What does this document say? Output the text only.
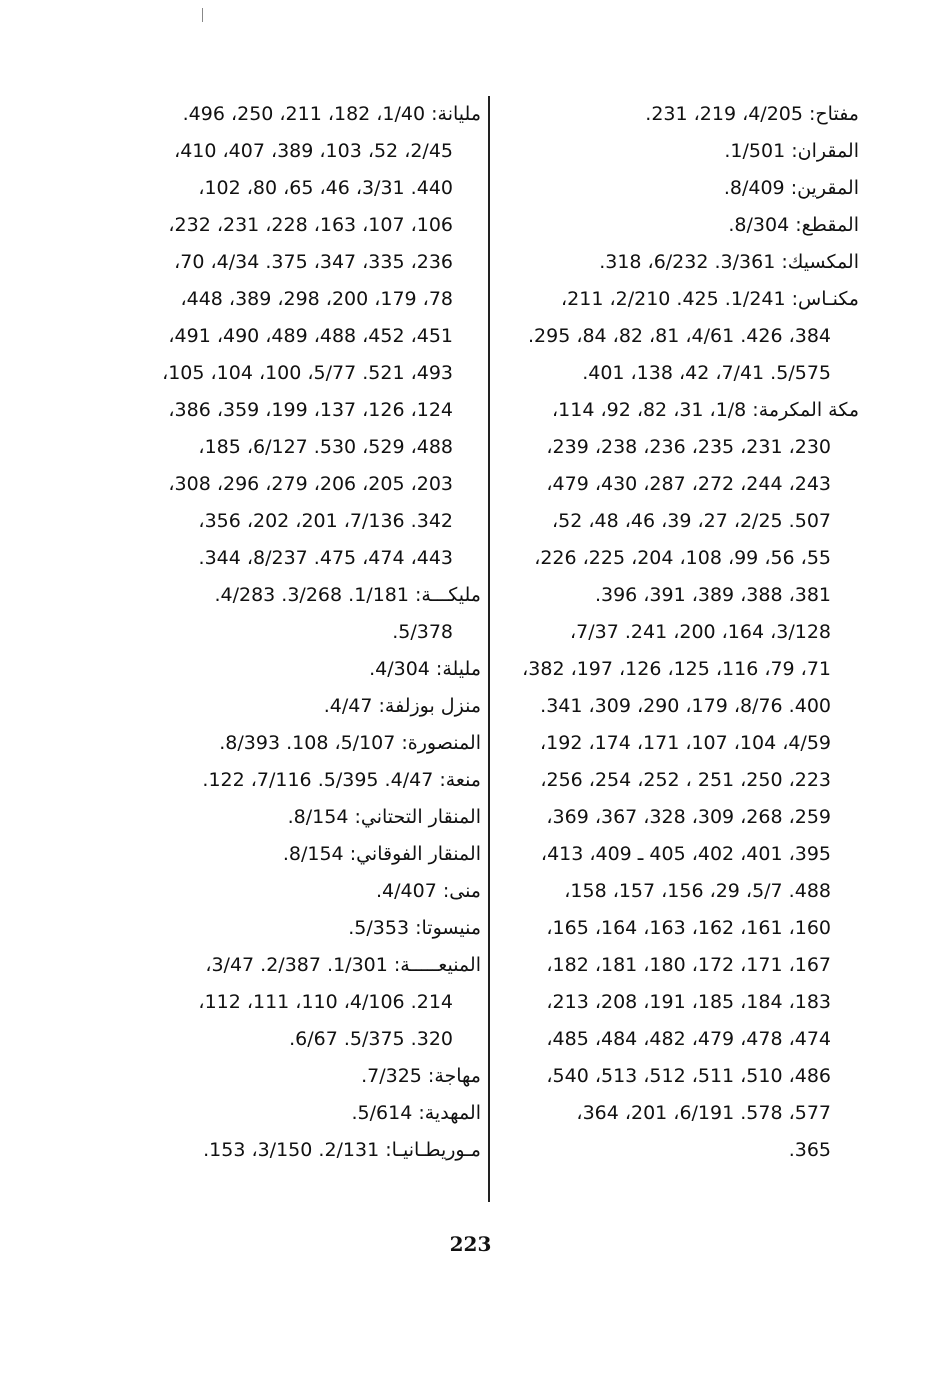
مفتاح: 4/205، 219، 231.
المقران: 1/501.
المقرين: 8/409.
المقطع: 8/304.
المكسيك: 3/361. 6/232، 318.
مكنـاس: 1/241. 425. 2/210، 211،
384، 426. 4/61، 81، 82، 84، 295.
5/575. 7/41، 42، 138، 401.
مكة المكرمة: 1/8، 31، 82، 92، 114،
230، 231، 235، 236، 238، 239،
243، 244، 272، 287، 430، 479،
507. 2/25، 27، 39، 46، 48، 52،
55، 56، 99، 108، 204، 225، 226،
381، 388، 389، 391، 396.
3/128، 164، 200، 241. 7/37،
71، 79، 116، 125، 126، 197، 382،
400. 8/76، 179، 290، 309، 341.
4/59، 104، 107، 171، 174، 192،
223، 250، 251 ، 252، 254، 256،
259، 268، 309، 328، 367، 369،
395، 401، 402، 405 ـ 409، 413،
488. 5/7، 29، 156، 157، 158،
160، 161، 162، 163، 164، 165،
167، 171، 172، 180، 181، 182،
183، 184، 185، 191، 208، 213،
474، 478، 479، 482، 484، 485،
486، 510، 511، 512، 513، 540،
577، 578. 6/191، 201، 364،
365.
مليانة: 1/40، 182، 211، 250، 496.
2/45، 52، 103، 389، 407، 410،
440. 3/31، 46، 65، 80، 102،
106، 107، 163، 228، 231، 232،
236، 335، 347، 375. 4/34، 70،
78، 179، 200، 298، 389، 448،
451، 452، 488، 489، 490، 491،
493، 521. 5/77، 100، 104، 105،
124، 126، 137، 199، 359، 386،
488، 529، 530. 6/127، 185،
203، 205، 206، 279، 296، 308،
342. 7/136، 201، 202، 356،
443، 474، 475. 8/237، 344.
مليكـــة: 1/181. 3/268. 4/283.
5/378.
مليلة: 4/304.
منزل بوزلفة: 4/47.
المنصورة: 5/107، 108. 8/393.
منعة: 4/47. 5/395. 7/116، 122.
المنقار التحتاني: 8/154.
المنقار الفوقاني: 8/154.
منى: 4/407.
منيسوتا: 5/353.
المنيعـــــة: 1/301. 2/387. 3/47،
214. 4/106، 110، 111، 112،
320. 5/375. 6/67.
مهاجة: 7/325.
المهدية: 5/614.
مـوريطـانيـا: 2/131. 3/150، 153.
223
